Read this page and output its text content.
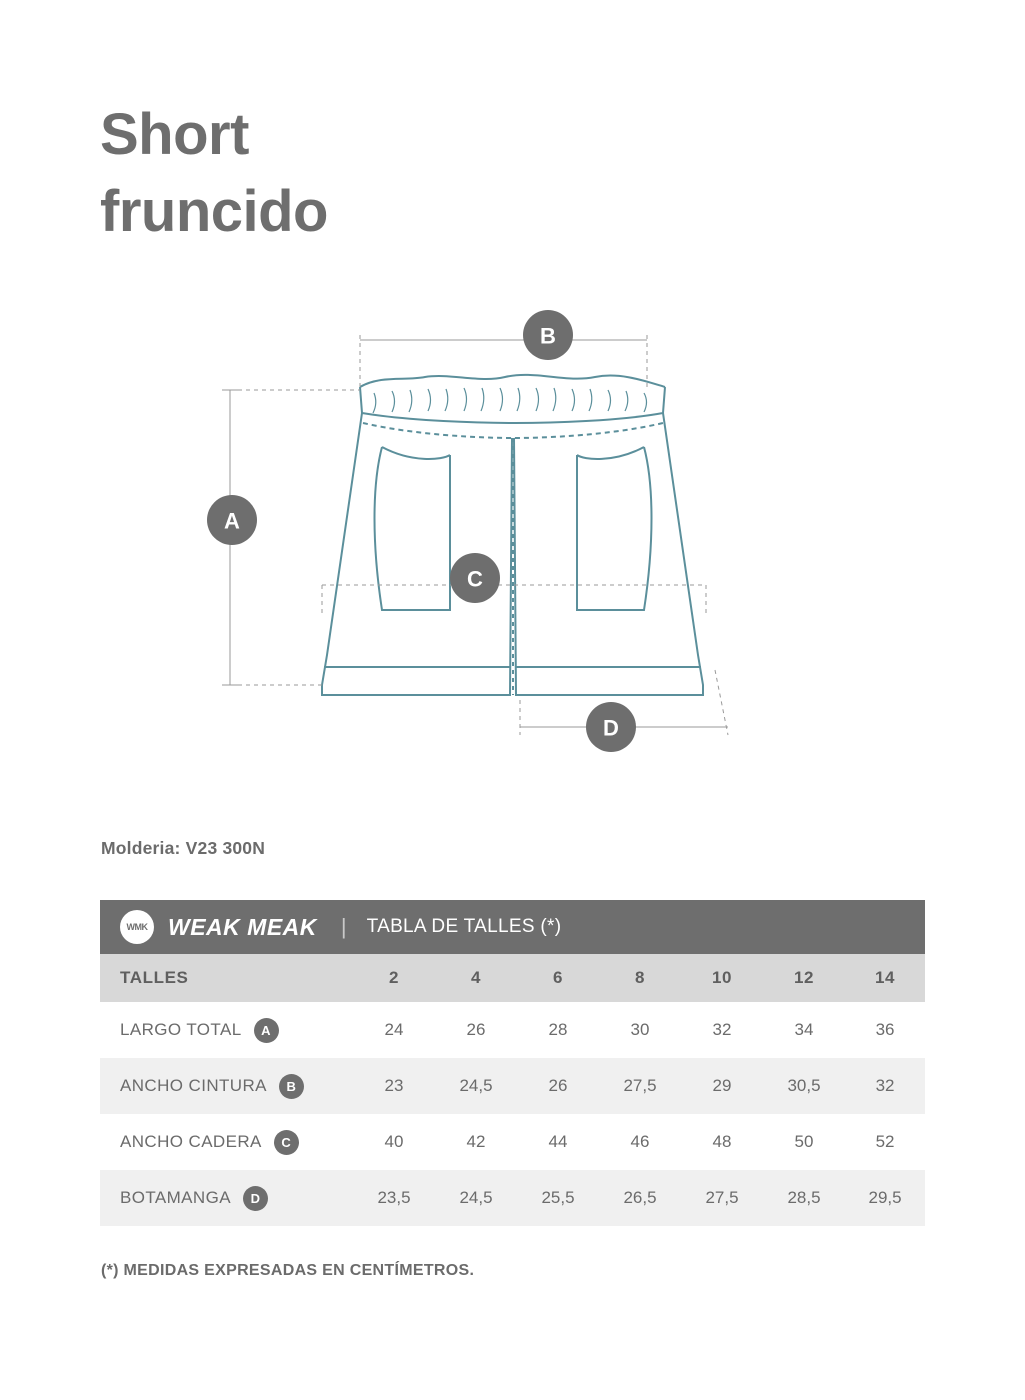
Short
fruncido
B
A
C
D
Molderia: V23 300N
WMK WEAK MEAK | TABLA DE TALLES (*)							

TALLES	2	4	6	8	10	12	14

LARGO TOTAL A	24	26	28	30	32	34	36

ANCHO CINTURA B	23	24,5	26	27,5	29	30,5	32

ANCHO CADERA C	40	42	44	46	48	50	52

BOTAMANGA D	23,5	24,5	25,5	26,5	27,5	28,5	29,5
(*) MEDIDAS EXPRESADAS EN CENTÍMETROS.
